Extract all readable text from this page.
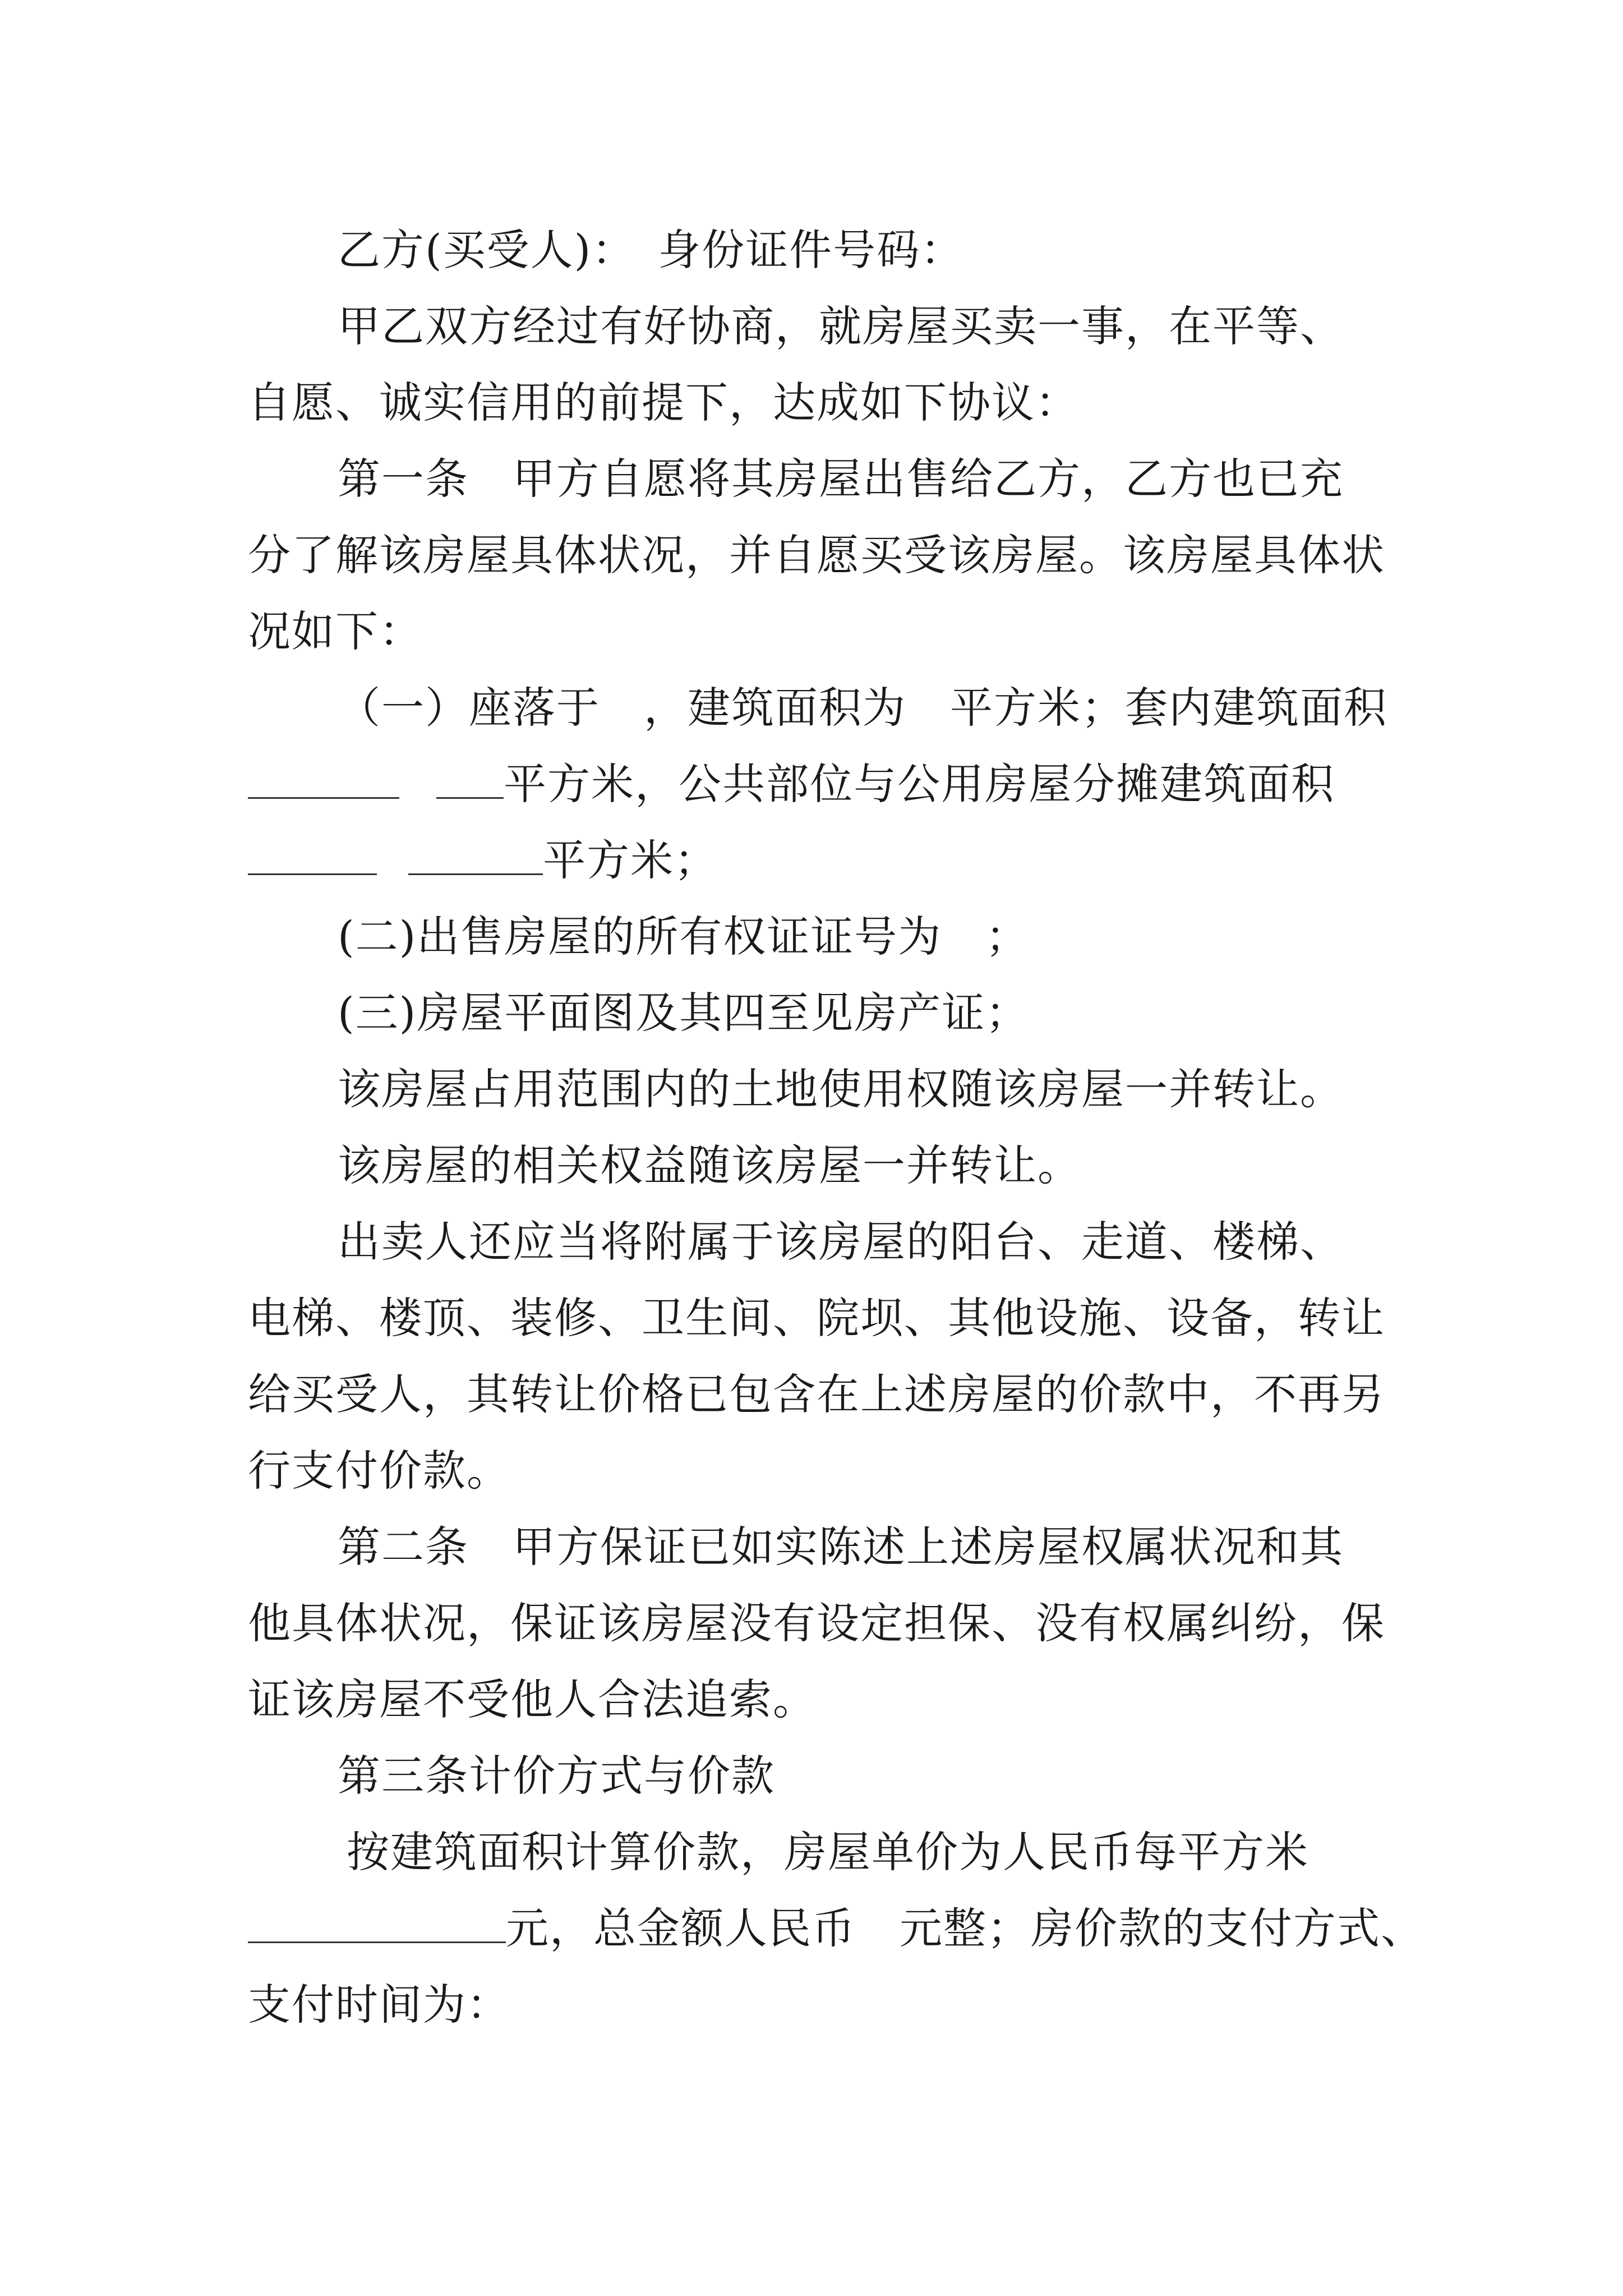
乙方(买受人)：　身份证件号码：

甲乙双方经过有好协商，就房屋买卖一事，在平等、自愿、诚实信用的前提下，达成如下协议：

第一条　甲方自愿将其房屋出售给乙方，乙方也已充分了解该房屋具体状况，并自愿买受该房屋。该房屋具体状况如下：

（一）座落于　，建筑面积为　平方米；套内建筑面积

平方米，公共部位与公用房屋分摊建筑面积
平方米；

(二)出售房屋的所有权证证号为　；

(三)房屋平面图及其四至见房产证；

该房屋占用范围内的土地使用权随该房屋一并转让。

该房屋的相关权益随该房屋一并转让。

出卖人还应当将附属于该房屋的阳台、走道、楼梯、电梯、楼顶、装修、卫生间、院坝、其他设施、设备，转让给买受人，其转让价格已包含在上述房屋的价款中，不再另行支付价款。

第二条　甲方保证已如实陈述上述房屋权属状况和其他具体状况，保证该房屋没有设定担保、没有权属纠纷，保证该房屋不受他人合法追索。

第三条计价方式与价款

按建筑面积计算价款，房屋单价为人民币每平方米

元，总金额人民币　元整；房价款的支付方式、

支付时间为：
